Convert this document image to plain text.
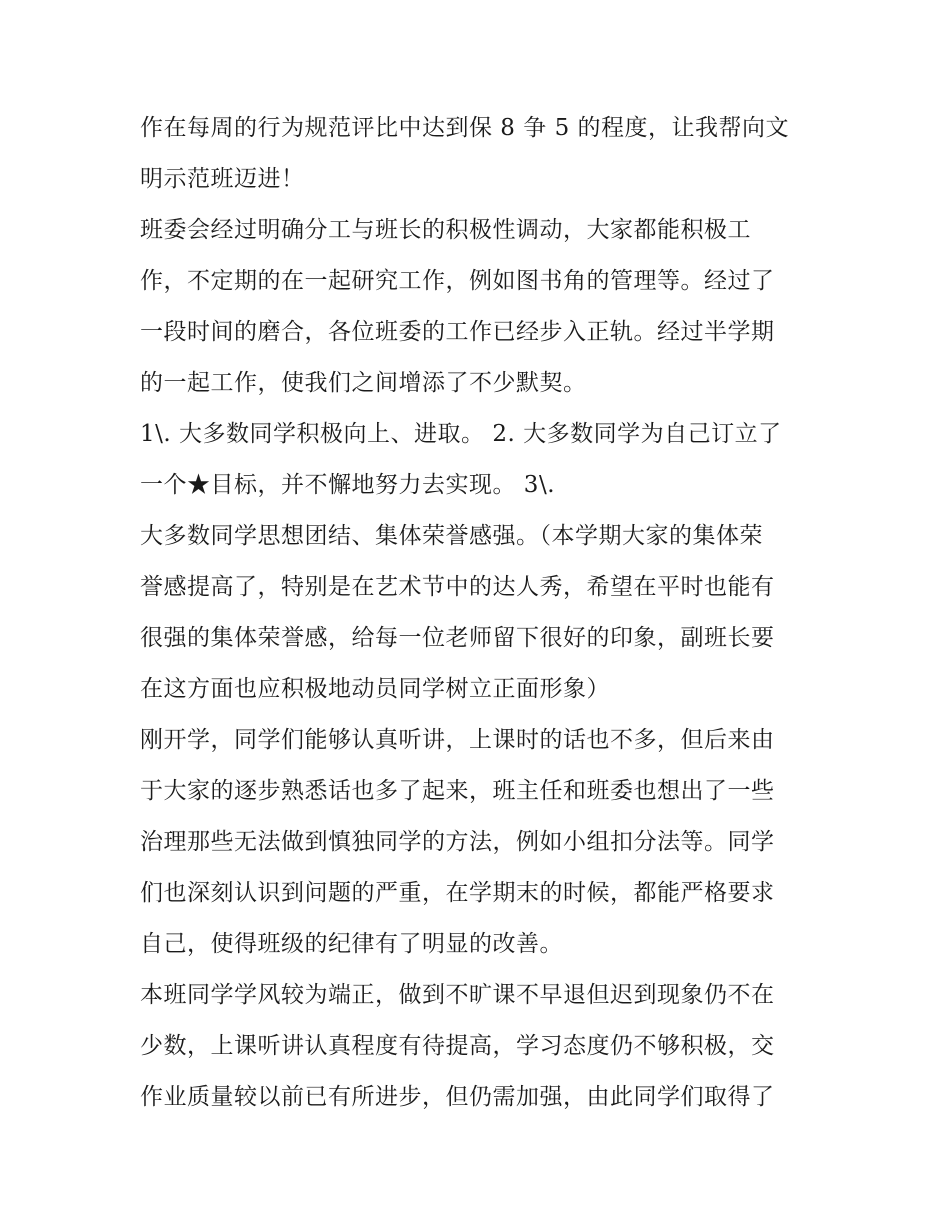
作在每周的行为规范评比中达到保 8 争 5 的程度，让我帮向文
明示范班迈进！
班委会经过明确分工与班长的积极性调动，大家都能积极工
作，不定期的在一起研究工作，例如图书角的管理等。经过了
一段时间的磨合，各位班委的工作已经步入正轨。经过半学期
的一起工作，使我们之间增添了不少默契。
1\. 大多数同学积极向上、进取。 2. 大多数同学为自己订立了
一个★目标，并不懈地努力去实现。 3\.
大多数同学思想团结、集体荣誉感强。（本学期大家的集体荣
誉感提高了，特别是在艺术节中的达人秀，希望在平时也能有
很强的集体荣誉感，给每一位老师留下很好的印象，副班长要
在这方面也应积极地动员同学树立正面形象）
刚开学，同学们能够认真听讲，上课时的话也不多，但后来由
于大家的逐步熟悉话也多了起来，班主任和班委也想出了一些
治理那些无法做到慎独同学的方法，例如小组扣分法等。同学
们也深刻认识到问题的严重，在学期末的时候，都能严格要求
自己，使得班级的纪律有了明显的改善。
本班同学学风较为端正，做到不旷课不早退但迟到现象仍不在
少数，上课听讲认真程度有待提高，学习态度仍不够积极，交
作业质量较以前已有所进步，但仍需加强，由此同学们取得了
